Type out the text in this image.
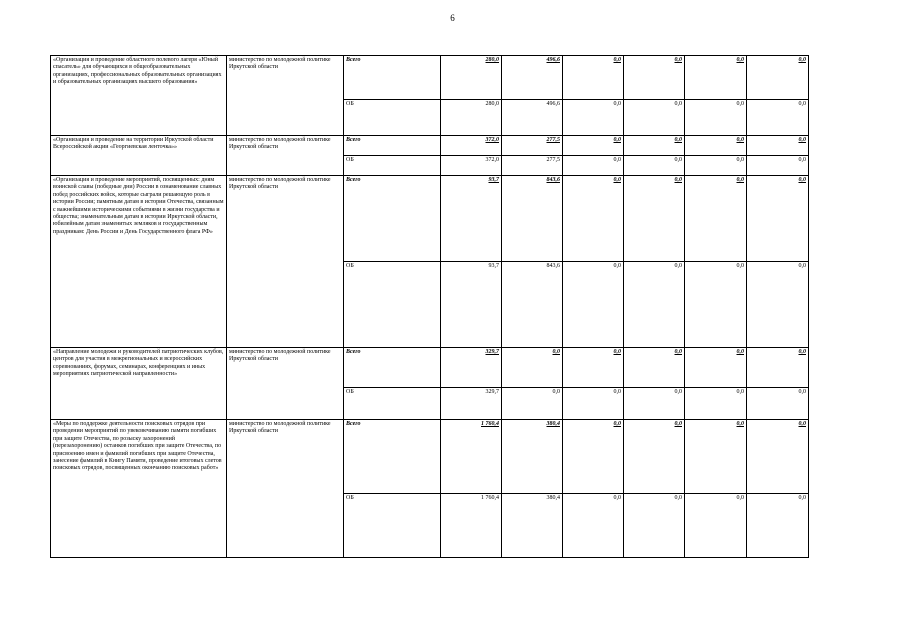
6
«Организация и проведение областного полевого лагеря «Юный спасатель» для обучающихся в общеобразовательных организациях, профессиональных образовательных организациях и образовательных организациях высшего образования»	министерство по молодежной политике Иркутской области	Всего	280,0	496,6	0,0	0,0	0,0	0,0
		ОБ	280,0	496,6	0,0	0,0	0,0	0,0
«Организация и проведение на территории Иркутской области Всероссийской акции «Георгиевская ленточка»»	министерство по молодежной политике Иркутской области	Всего	372,0	277,5	0,0	0,0	0,0	0,0
		ОБ	372,0	277,5	0,0	0,0	0,0	0,0
«Организация и проведение мероприятий, посвященных: дням воинской славы (победные дни) России в ознаменование славных побед российских войск, которые сыграли решающую роль в истории России; памятным датам в истории Отечества, связанным с важнейшими историческими событиями в жизни государства и общества; знаменательным датам в истории Иркутской области, юбилейным датам знаменитых земляков и государственным праздникам: День России и День Государственного флага РФ»	министерство по молодежной политике Иркутской области	Всего	93,7	843,6	0,0	0,0	0,0	0,0
		ОБ	93,7	843,6	0,0	0,0	0,0	0,0
«Направление молодежи и руководителей патриотических клубов, центров для участия в межрегиональных и всероссийских соревнованиях, форумах, семинарах, конференциях и иных мероприятиях патриотической направленности»	министерство по молодежной политике Иркутской области	Всего	329,7	0,0	0,0	0,0	0,0	0,0
		ОБ	329,7	0,0	0,0	0,0	0,0	0,0
«Меры по поддержке деятельности поисковых отрядов при проведении мероприятий по увековечиванию памяти погибших при защите Отечества, по розыску захоронений (перезахоронению) останков погибших при защите Отечества, по присвоению имен и фамилий погибших при защите Отечества, занесение фамилий в Книгу Памяти, проведение итоговых слетов поисковых отрядов, посвященных окончанию поисковых работ»	министерство по молодежной политике Иркутской области	Всего	1 760,4	380,4	0,0	0,0	0,0	0,0
		ОБ	1 760,4	380,4	0,0	0,0	0,0	0,0
